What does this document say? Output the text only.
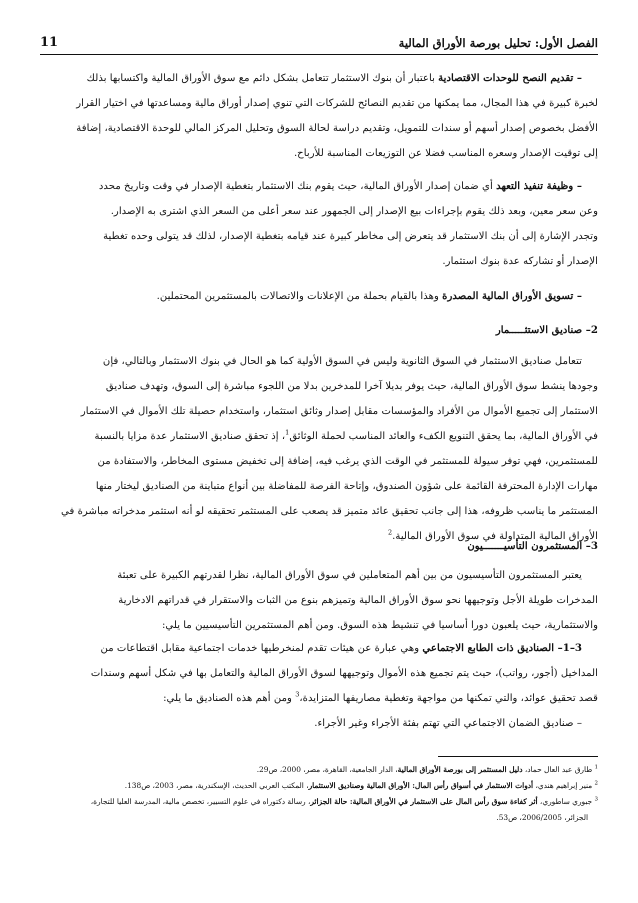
الفصل الأول: تحليل بورصة الأوراق المالية
11

– تقديم النصح للوحدات الاقتصادية باعتبار أن بنوك الاستثمار تتعامل بشكل دائم مع سوق الأوراق المالية واكتسابها بذلك

لخبرة كبيرة في هذا المجال، مما يمكنها من تقديم النصائح للشركات التي تنوي إصدار أوراق مالية ومساعدتها في اختيار القرار

الأفضل بخصوص إصدار أسهم أو سندات للتمويل، وتقديم دراسة لحالة السوق وتحليل المركز المالي للوحدة الاقتصادية، إضافة

إلى توقيت الإصدار وسعره المناسب فضلا عن التوزيعات المناسبة للأرباح.

– وظيفة تنفيذ التعهد أي ضمان إصدار الأوراق المالية، حيث يقوم بنك الاستثمار بتغطية الإصدار في وقت وتاريخ محدد

وعن سعر معين، وبعد ذلك يقوم بإجراءات بيع الإصدار إلى الجمهور عند سعر أعلى من السعر الذي اشترى به الإصدار.

وتجدر الإشارة إلى أن بنك الاستثمار قد يتعرض إلى مخاطر كبيرة عند قيامه بتغطية الإصدار، لذلك قد يتولى وحده تغطية

الإصدار أو تشاركه عدة بنوك استثمار.

– تسويق الأوراق المالية المصدرة وهذا بالقيام بحملة من الإعلانات والاتصالات بالمستثمرين المحتملين.

2– صناديق الاستثـــــمار

تتعامل صناديق الاستثمار في السوق الثانوية وليس في السوق الأولية كما هو الحال في بنوك الاستثمار وبالتالي، فإن

وجودها ينشط سوق الأوراق المالية، حيث يوفر بديلا آخرا للمدخرين بدلا من اللجوء مباشرة إلى السوق، وتهدف صناديق

الاستثمار إلى تجميع الأموال من الأفراد والمؤسسات مقابل إصدار وثائق استثمار، واستخدام حصيلة تلك الأموال في الاستثمار

في الأوراق المالية، بما يحقق التنويع الكفء والعائد المناسب لحملة الوثائق$^1$، إذ تحقق صناديق الاستثمار عدة مزايا بالنسبة

للمستثمرين، فهي توفر سيولة للمستثمر في الوقت الذي يرغب فيه، إضافة إلى تخفيض مستوى المخاطر، والاستفادة من

مهارات الإدارة المحترفة القائمة على شؤون الصندوق، وإتاحة الفرصة للمفاضلة بين أنواع متباينة من الصناديق ليختار منها

المستثمر ما يناسب ظروفه، هذا إلى جانب تحقيق عائد متميز قد يصعب على المستثمر تحقيقه لو أنه استثمر مدخراته مباشرة في

الأوراق المالية المتداولة في سوق الأوراق المالية.$^2$

3– المستثمرون التأسيـــــــيون

يعتبر المستثمرون التأسيسيون من بين أهم المتعاملين في سوق الأوراق المالية، نظرا لقدرتهم الكبيرة على تعبئة

المدخرات طويلة الأجل وتوجيهها نحو سوق الأوراق المالية وتميزهم بنوع من الثبات والاستقرار في قدراتهم الادخارية

والاستثمارية، حيث يلعبون دورا أساسيا في تنشيط هذه السوق. ومن أهم المستثمرين التأسيسيين ما يلي:

3–1– الصناديق ذات الطابع الاجتماعي وهي عبارة عن هيئات تقدم لمنخرطيها خدمات اجتماعية مقابل اقتطاعات من

المداخيل (أجور، رواتب)، حيث يتم تجميع هذه الأموال وتوجيهها لسوق الأوراق المالية والتعامل بها في شكل أسهم وسندات

قصد تحقيق عوائد، والتي تمكنها من مواجهة وتغطية مصاريفها المتزايدة،$^3$ ومن أهم هذه الصناديق ما يلي:

– صناديق الضمان الاجتماعي التي تهتم بفئة الأجراء وغير الأجراء.

$^1$ طارق عبد العال حماد، دليل المستثمر إلى بورصة الأوراق المالية، الدار الجامعية، القاهرة، مصر، 2000، ص29.

$^2$ منير إبراهيم هندي، أدوات الاستثمار في أسواق رأس المال: الأوراق المالية وصناديق الاستثمار، المكتب العربي الحديث، الإسكندرية، مصر، 2003، ص138.

$^3$ جبوري ساطوري، أثر كفاءة سوق رأس المال على الاستثمار في الأوراق المالية: حالة الجزائر، رسالة دكتوراه في علوم التسيير، تخصص مالية، المدرسة العليا للتجارة،

الجزائر، 2006/2005، ص53.
